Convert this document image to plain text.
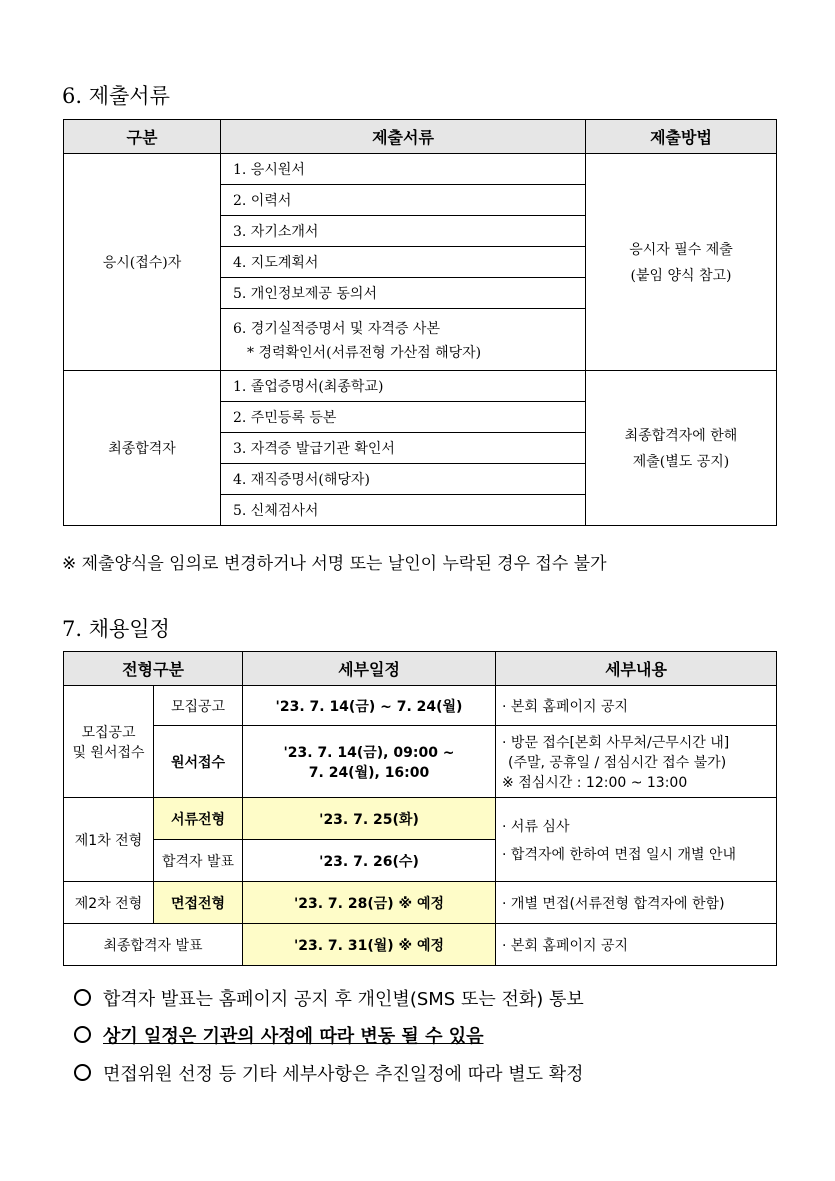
6. 제출서류
구분	제출서류	제출방법
응시(접수)자	1. 응시원서	응시자 필수 제출
(붙임 양식 참고)

	2. 이력서	
	3. 자기소개서	
	4. 지도계획서	
	5. 개인정보제공 동의서	

	6. 경기실적증명서 및 자격증 사본
* 경력확인서(서류전형 가산점 해당자)	

최종합격자	1. 졸업증명서(최종학교)	최종합격자에 한해
제출(별도 공지)

	2. 주민등록 등본	
	3. 자격증 발급기관 확인서	
	4. 재직증명서(해당자)	
	5. 신체검사서	
※ 제출양식을 임의로 변경하거나 서명 또는 날인이 누락된 경우 접수 불가
7. 채용일정
전형구분		세부일정	세부내용

모집공고
및 원서접수	모집공고	'23. 7. 14(금) ~ 7. 24(월)	· 본회 홈페이지 공지
	원서접수	'23. 7. 14(금), 09:00 ~
7. 24(월), 16:00	· 방문 접수[본회 사무처/근무시간 내]
(주말, 공휴일 / 점심시간 접수 불가)
※ 점심시간 : 12:00 ~ 13:00

제1차 전형	서류전형	'23. 7. 25(화)	· 서류 심사
· 합격자에 한하여 면접 일시 개별 안내

	합격자 발표	'23. 7. 26(수)	
제2차 전형	면접전형	'23. 7. 28(금) ※ 예정	· 개별 면접(서류전형 합격자에 한함)
최종합격자 발표		'23. 7. 31(월) ※ 예정	· 본회 홈페이지 공지
합격자 발표는 홈페이지 공지 후 개인별(SMS 또는 전화) 통보
상기 일정은 기관의 사정에 따라 변동 될 수 있음
면접위원 선정 등 기타 세부사항은 추진일정에 따라 별도 확정
